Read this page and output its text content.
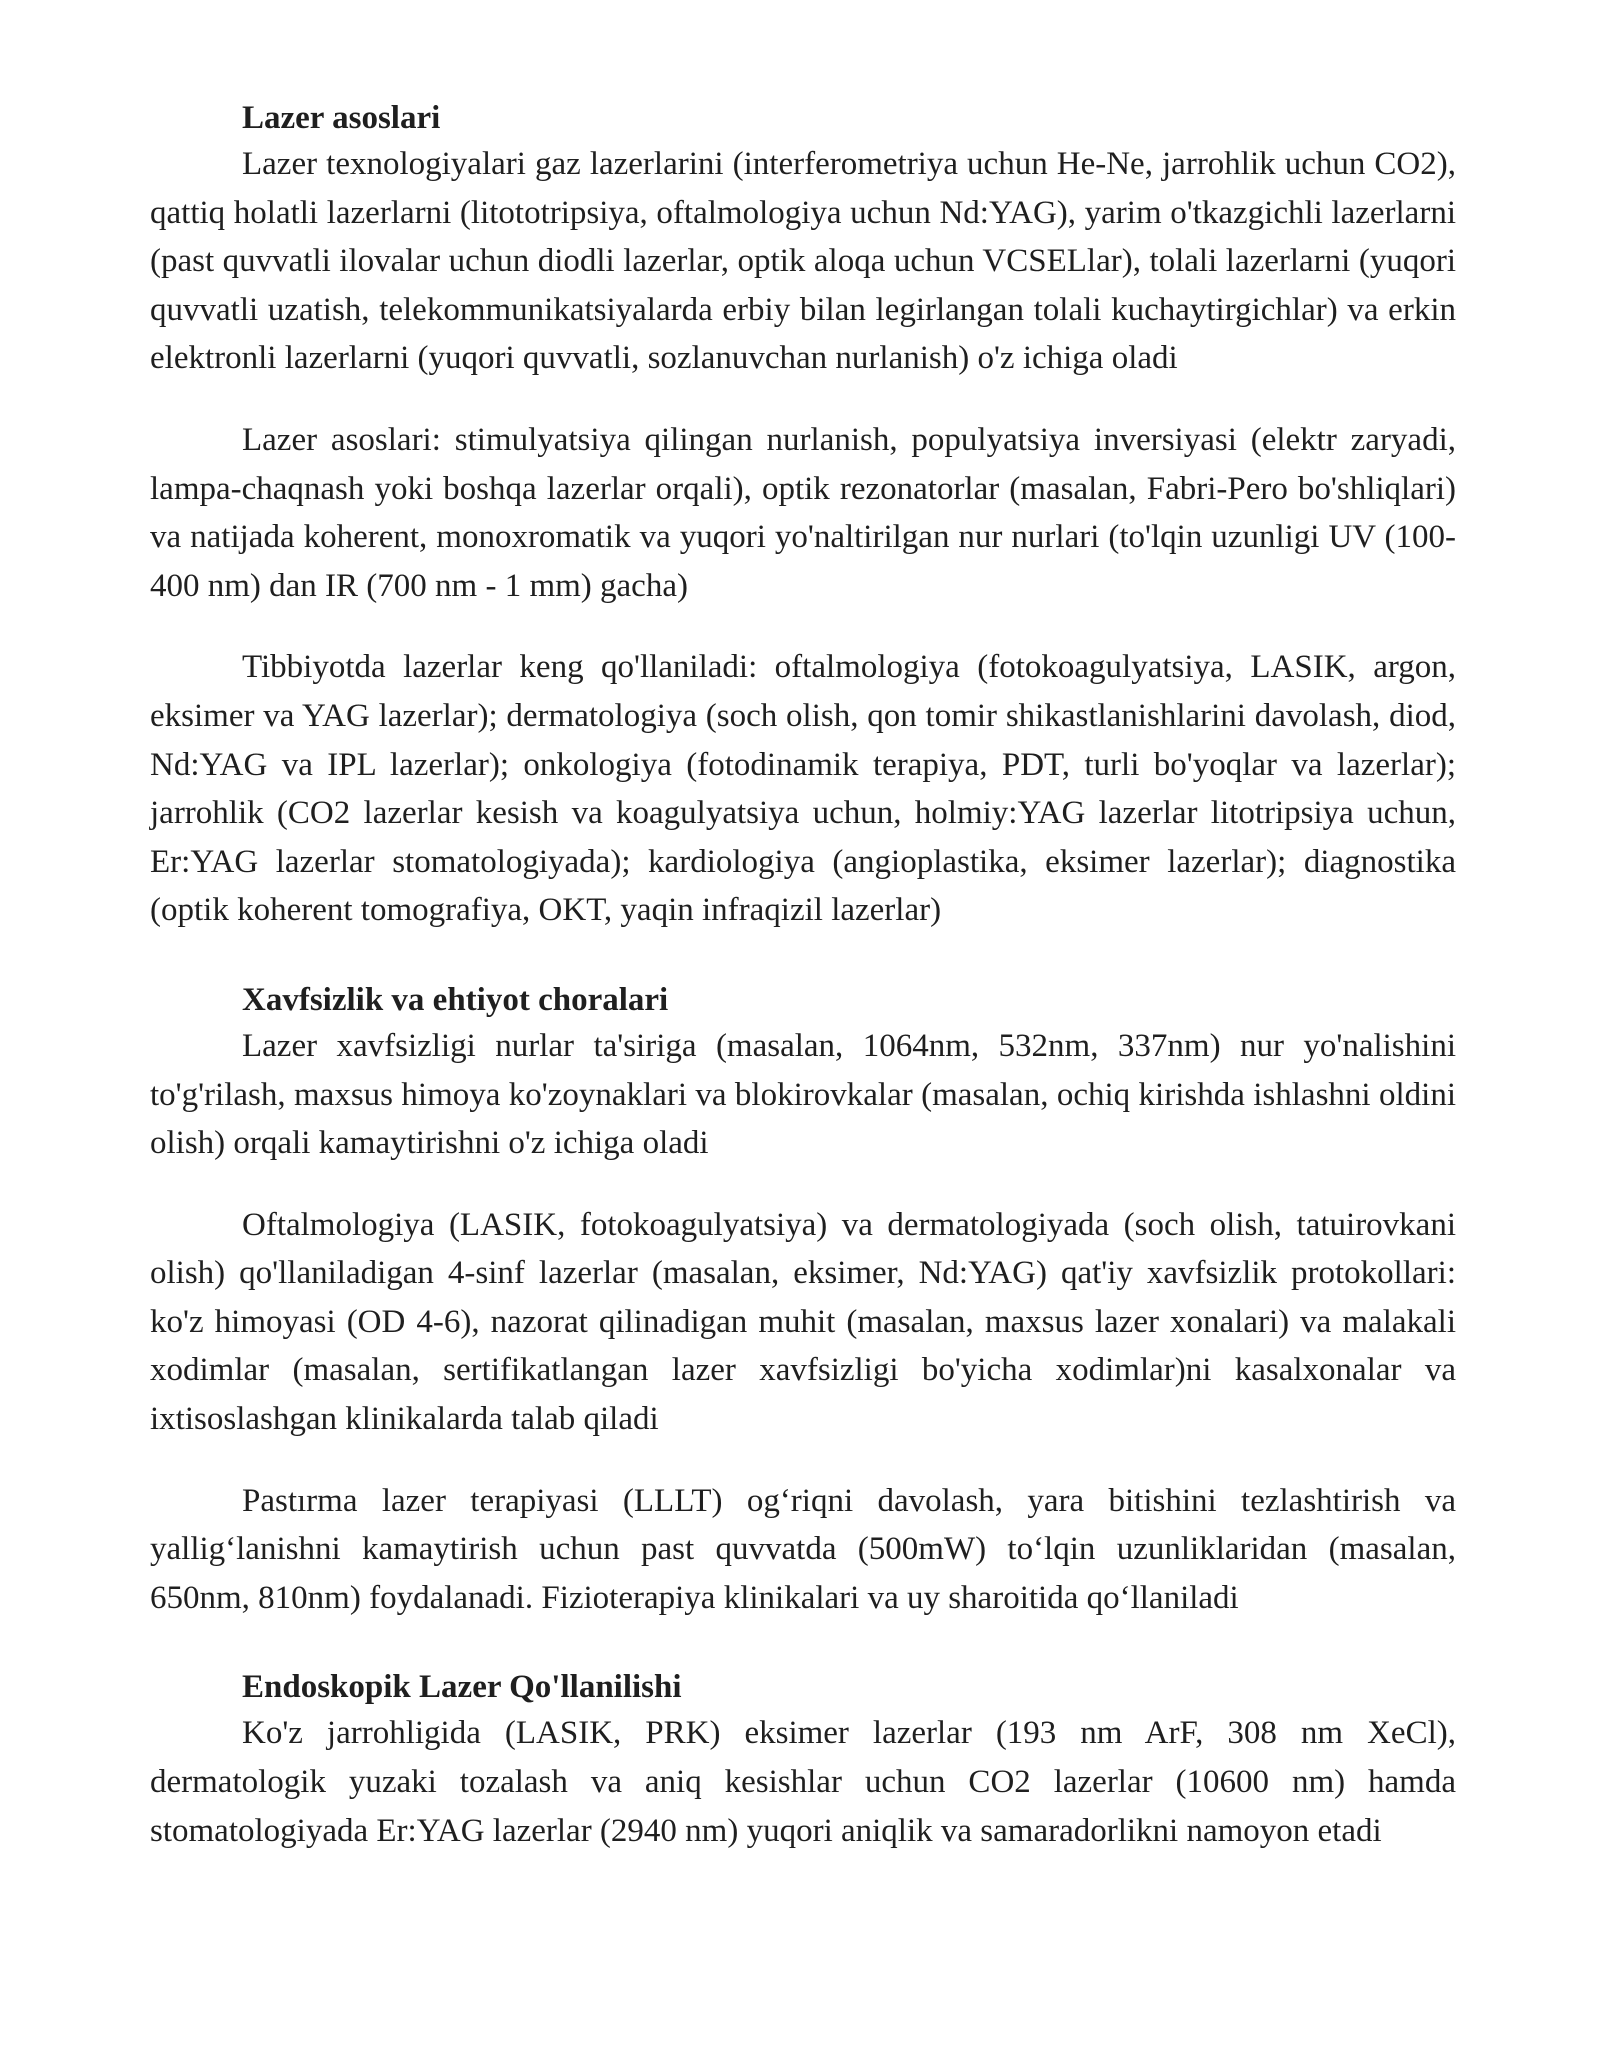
Lazer asoslari

Lazer texnologiyalari gaz lazerlarini (interferometriya uchun He-Ne, jarrohlik uchun CO2), qattiq holatli lazerlarni (litototripsiya, oftalmologiya uchun Nd:YAG), yarim o'tkazgichli lazerlarni (past quvvatli ilovalar uchun diodli lazerlar, optik aloqa uchun VCSELlar), tolali lazerlarni (yuqori quvvatli uzatish, telekommunikatsiyalarda erbiy bilan legirlangan tolali kuchaytirgichlar) va erkin elektronli lazerlarni (yuqori quvvatli, sozlanuvchan nurlanish) o'z ichiga oladi

Lazer asoslari: stimulyatsiya qilingan nurlanish, populyatsiya inversiyasi (elektr zaryadi, lampa-chaqnash yoki boshqa lazerlar orqali), optik rezonatorlar (masalan, Fabri-Pero bo'shliqlari) va natijada koherent, monoxromatik va yuqori yo'naltirilgan nur nurlari (to'lqin uzunligi UV (100-400 nm) dan IR (700 nm - 1 mm) gacha)

Tibbiyotda lazerlar keng qo'llaniladi: oftalmologiya (fotokoagulyatsiya, LASIK, argon, eksimer va YAG lazerlar); dermatologiya (soch olish, qon tomir shikastlanishlarini davolash, diod, Nd:YAG va IPL lazerlar); onkologiya (fotodinamik terapiya, PDT, turli bo'yoqlar va lazerlar); jarrohlik (CO2 lazerlar kesish va koagulyatsiya uchun, holmiy:YAG lazerlar litotripsiya uchun, Er:YAG lazerlar stomatologiyada); kardiologiya (angioplastika, eksimer lazerlar); diagnostika (optik koherent tomografiya, OKT, yaqin infraqizil lazerlar)

Xavfsizlik va ehtiyot choralari

Lazer xavfsizligi nurlar ta'siriga (masalan, 1064nm, 532nm, 337nm) nur yo'nalishini to'g'rilash, maxsus himoya ko'zoynaklari va blokirovkalar (masalan, ochiq kirishda ishlashni oldini olish) orqali kamaytirishni o'z ichiga oladi

Oftalmologiya (LASIK, fotokoagulyatsiya) va dermatologiyada (soch olish, tatuirovkani olish) qo'llaniladigan 4-sinf lazerlar (masalan, eksimer, Nd:YAG) qat'iy xavfsizlik protokollari: ko'z himoyasi (OD 4-6), nazorat qilinadigan muhit (masalan, maxsus lazer xonalari) va malakali xodimlar (masalan, sertifikatlangan lazer xavfsizligi bo'yicha xodimlar)ni kasalxonalar va ixtisoslashgan klinikalarda talab qiladi

Pastırma lazer terapiyasi (LLLT) og‘riqni davolash, yara bitishini tezlashtirish va yallig‘lanishni kamaytirish uchun past quvvatda (500mW) to‘lqin uzunliklaridan (masalan, 650nm, 810nm) foydalanadi. Fizioterapiya klinikalari va uy sharoitida qo‘llaniladi

Endoskopik Lazer Qo'llanilishi

Ko'z jarrohligida (LASIK, PRK) eksimer lazerlar (193 nm ArF, 308 nm XeCl), dermatologik yuzaki tozalash va aniq kesishlar uchun CO2 lazerlar (10600 nm) hamda stomatologiyada Er:YAG lazerlar (2940 nm) yuqori aniqlik va samaradorlikni namoyon etadi
